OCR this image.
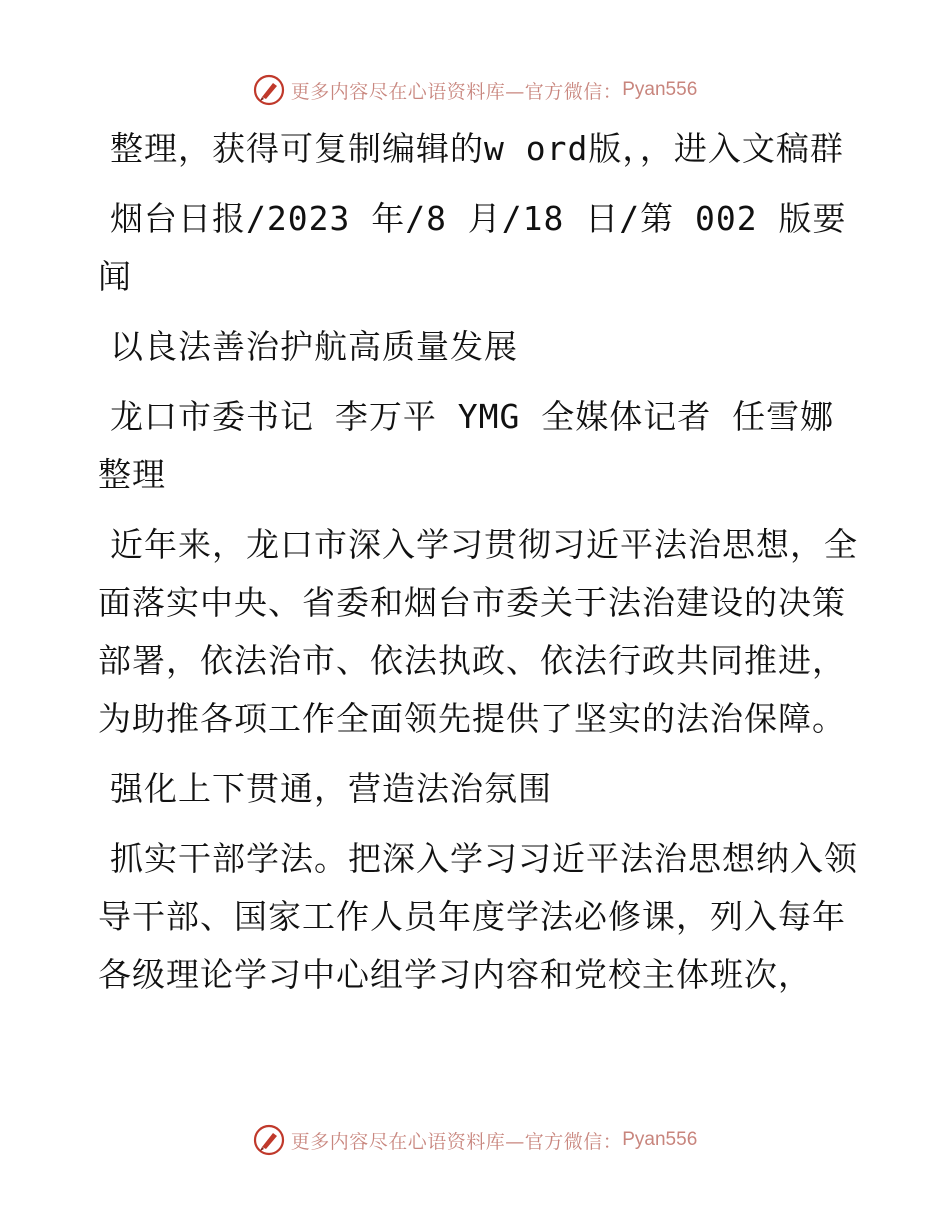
更多内容尽在心语资料库—官方微信： Pyan556

整理，获得可复制编辑的w ord版，，进入文稿群

烟台日报/2023 年/8 月/18 日/第 002 版要闻

以良法善治护航高质量发展

龙口市委书记 李万平 YMG 全媒体记者 任雪娜整理

近年来，龙口市深入学习贯彻习近平法治思想，全面落实中央、省委和烟台市委关于法治建设的决策部署，依法治市、依法执政、依法行政共同推进，为助推各项工作全面领先提供了坚实的法治保障。

强化上下贯通，营造法治氛围

抓实干部学法。把深入学习习近平法治思想纳入领导干部、国家工作人员年度学法必修课，列入每年各级理论学习中心组学习内容和党校主体班次，

更多内容尽在心语资料库—官方微信： Pyan556
